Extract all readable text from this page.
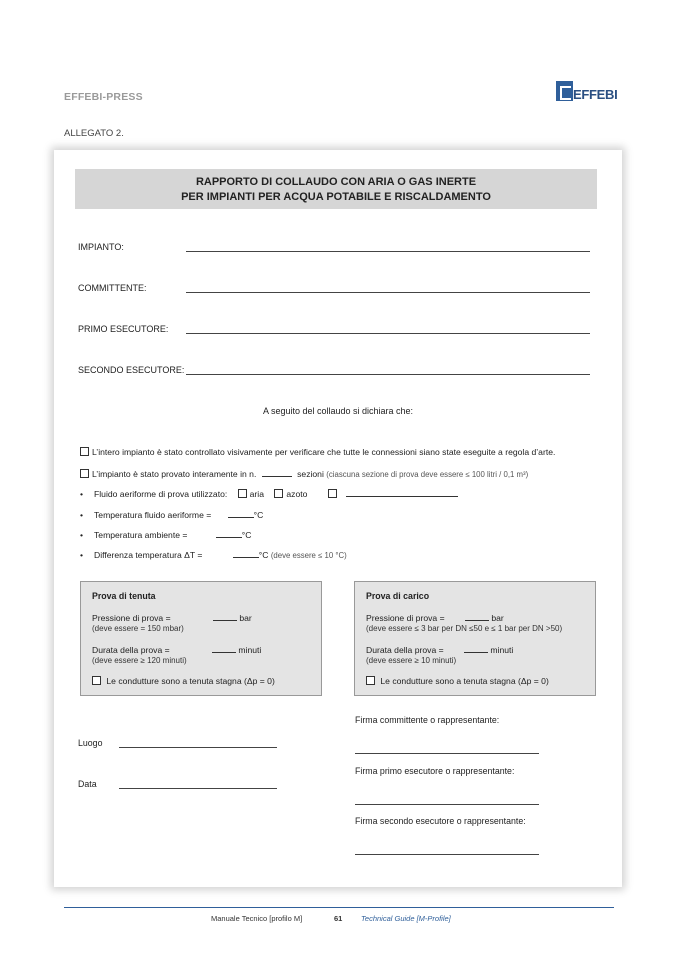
EFFEBI-PRESS	EFFEBI
ALLEGATO 2.
RAPPORTO DI COLLAUDO CON ARIA O GAS INERTE
PER IMPIANTI PER ACQUA POTABILE E RISCALDAMENTO
IMPIANTO:
COMMITTENTE:
PRIMO ESECUTORE:
SECONDO ESECUTORE:
A seguito del collaudo si dichiara che:
L’intero impianto è stato controllato visivamente per verificare che tutte le connessioni siano state eseguite a regola d’arte.
L’impianto è stato provato interamente in n.	sezioni (ciascuna sezione di prova deve essere ≤ 100 litri / 0,1 m³)
• Fluido aeriforme di prova utilizzato:	aria	azoto
• Temperatura fluido aeriforme =	°C
• Temperatura ambiente =	°C
• Differenza temperatura ΔT =	°C (deve essere ≤ 10 °C)
Prova di tenuta
Pressione di prova =	bar
(deve essere = 150 mbar)
Durata della prova =	minuti
(deve essere ≥ 120 minuti)
Le condutture sono a tenuta stagna (Δp = 0)
Prova di carico
Pressione di prova =	bar
(deve essere ≤ 3 bar per DN ≤50 e ≤ 1 bar per DN >50)
Durata della prova =	minuti
(deve essere ≥ 10 minuti)
Le condutture sono a tenuta stagna (Δp = 0)
Firma committente o rappresentante:
Firma primo esecutore o rappresentante:
Firma secondo esecutore o rappresentante:
Luogo
Data
Manuale Tecnico [profilo M]	61 Technical Guide [M-Profile]
